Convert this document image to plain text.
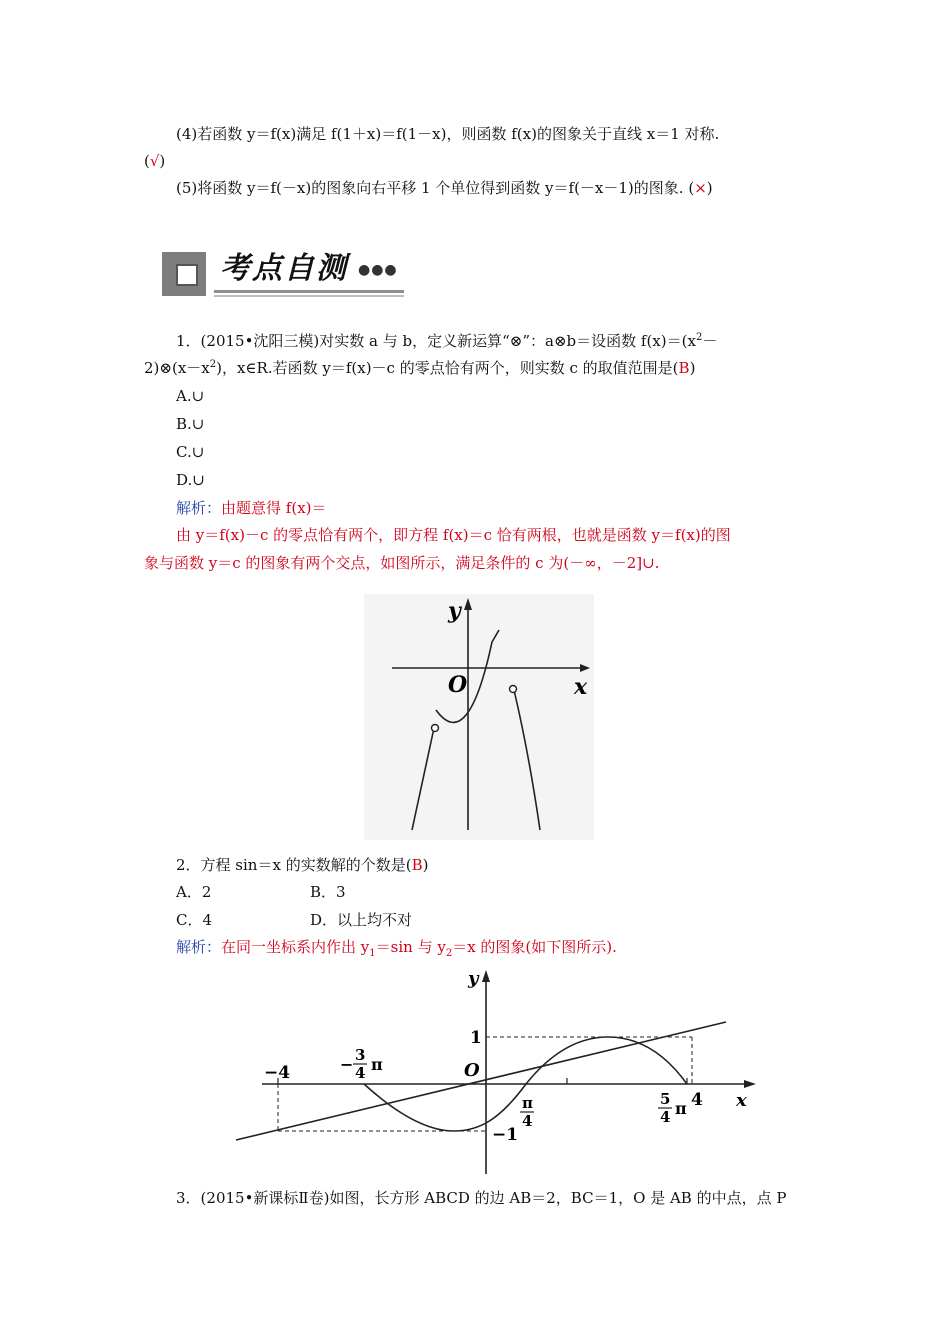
(4)若函数 y＝f(x)满足 f(1＋x)＝f(1－x)，则函数 f(x)的图象关于直线 x＝1 对称.
(√)
(5)将函数 y＝f(－x)的图象向右平移 1 个单位得到函数 y＝f(－x－1)的图象. (×)
考点自测 ●●●
1．(2015•沈阳三模)对实数 a 与 b，定义新运算“⊗”：a⊗b＝设函数 $f(x)=(x^2-$
$2)\otimes(x-x^2)$，x∈R.若函数 y＝f(x)－c 的零点恰有两个，则实数 c 的取值范围是(B)
A.∪
B.∪
C.∪
D.∪
解析：由题意得 f(x)＝
由 y＝f(x)－c 的零点恰有两个，即方程 f(x)＝c 恰有两根，也就是函数 y＝f(x)的图
象与函数 y＝c 的图象有两个交点，如图所示，满足条件的 c 为(－∞，－2]∪.
y
x
O
2．方程 sin＝x 的实数解的个数是(B)
A．2	B．3
C．4	D．以上均不对
解析：在同一坐标系内作出 $y_1=\sin$ 与 $y_2=x$ 的图象(如下图所示).
y
x
O
−4
4
1
−1
− 3
4 π
π
4
5
4 π
3．(2015•新课标Ⅱ卷)如图，长方形 ABCD 的边 AB＝2，BC＝1，O 是 AB 的中点，点 P
